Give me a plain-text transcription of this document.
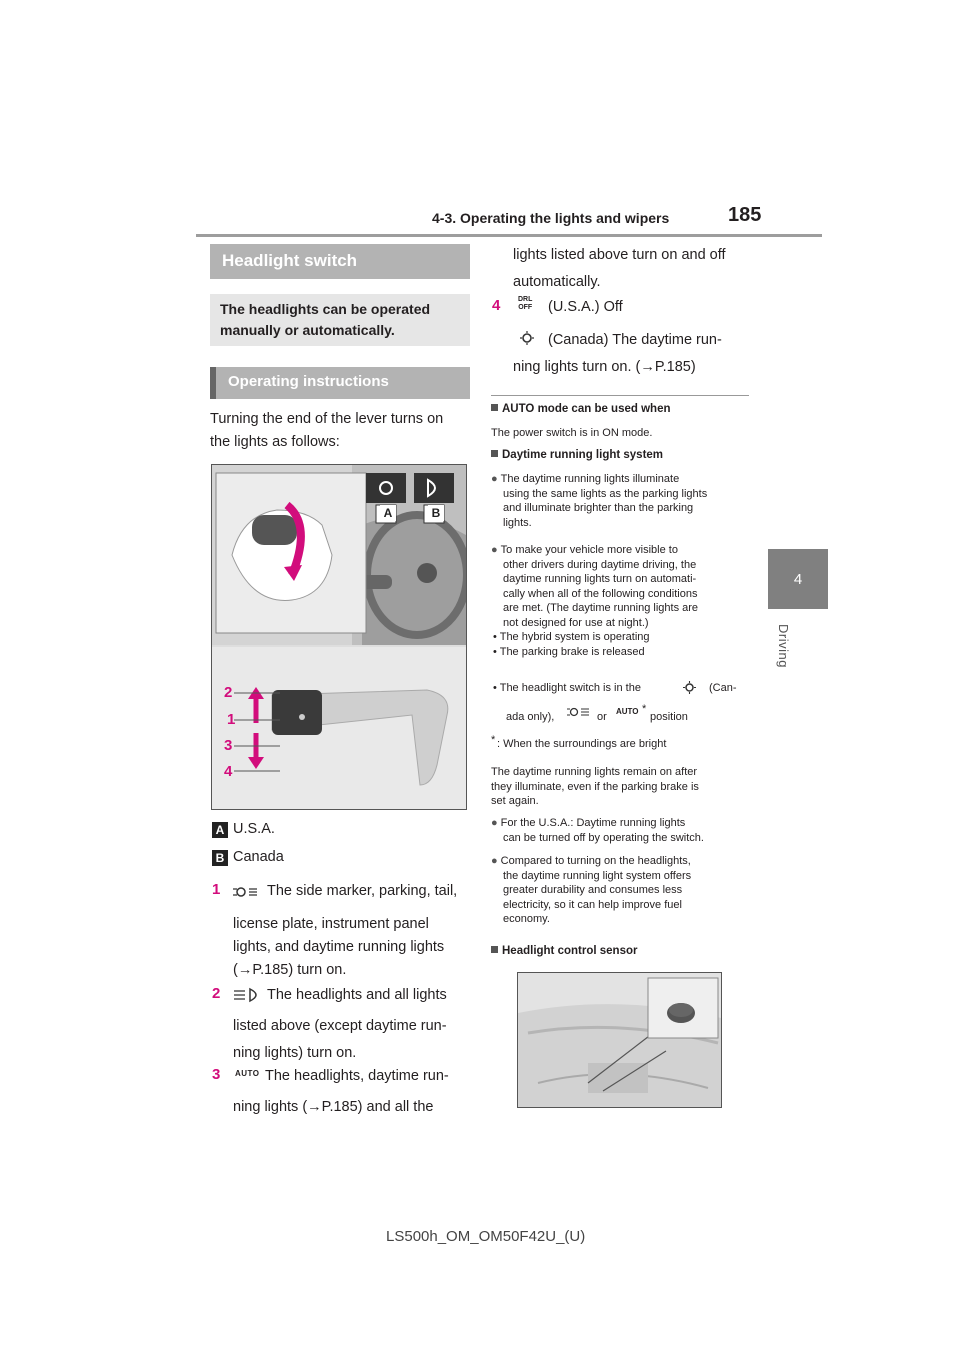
4-3. Operating the lights and wipers	185
4
Driving
Headlight switch
The headlights can be operated manually or automatically.
Operating instructions
Turning the end of the lever turns on
the lights as follows:
A	B
2
1
3
4
A U.S.A.
B Canada
1	The side marker, parking, tail,
license plate, instrument panel
lights, and daytime running lights
(→P.185) turn on.
2	The headlights and all lights
listed above (except daytime run-
ning lights) turn on.
3 AUTO The headlights, daytime run-
ning lights (→P.185) and all the
lights listed above turn on and off
automatically.
4	DRL
OFF (U.S.A.) Off
(Canada) The daytime run-
ning lights turn on. (→P.185)
AUTO mode can be used when
The power switch is in ON mode.
Daytime running light system
● The daytime running lights illuminate
using the same lights as the parking lights
and illuminate brighter than the parking
lights.
● To make your vehicle more visible to
other drivers during daytime driving, the
daytime running lights turn on automati-
cally when all of the following conditions
are met. (The daytime running lights are
not designed for use at night.)
• The hybrid system is operating
• The parking brake is released
• The headlight switch is in the	(Can-
ada only),	or AUTO *
position
* : When the surroundings are bright
The daytime running lights remain on after
they illuminate, even if the parking brake is
set again.
● For the U.S.A.: Daytime running lights
can be turned off by operating the switch.
● Compared to turning on the headlights,
the daytime running light system offers
greater durability and consumes less
electricity, so it can help improve fuel
economy.
Headlight control sensor
LS500h_OM_OM50F42U_(U)
